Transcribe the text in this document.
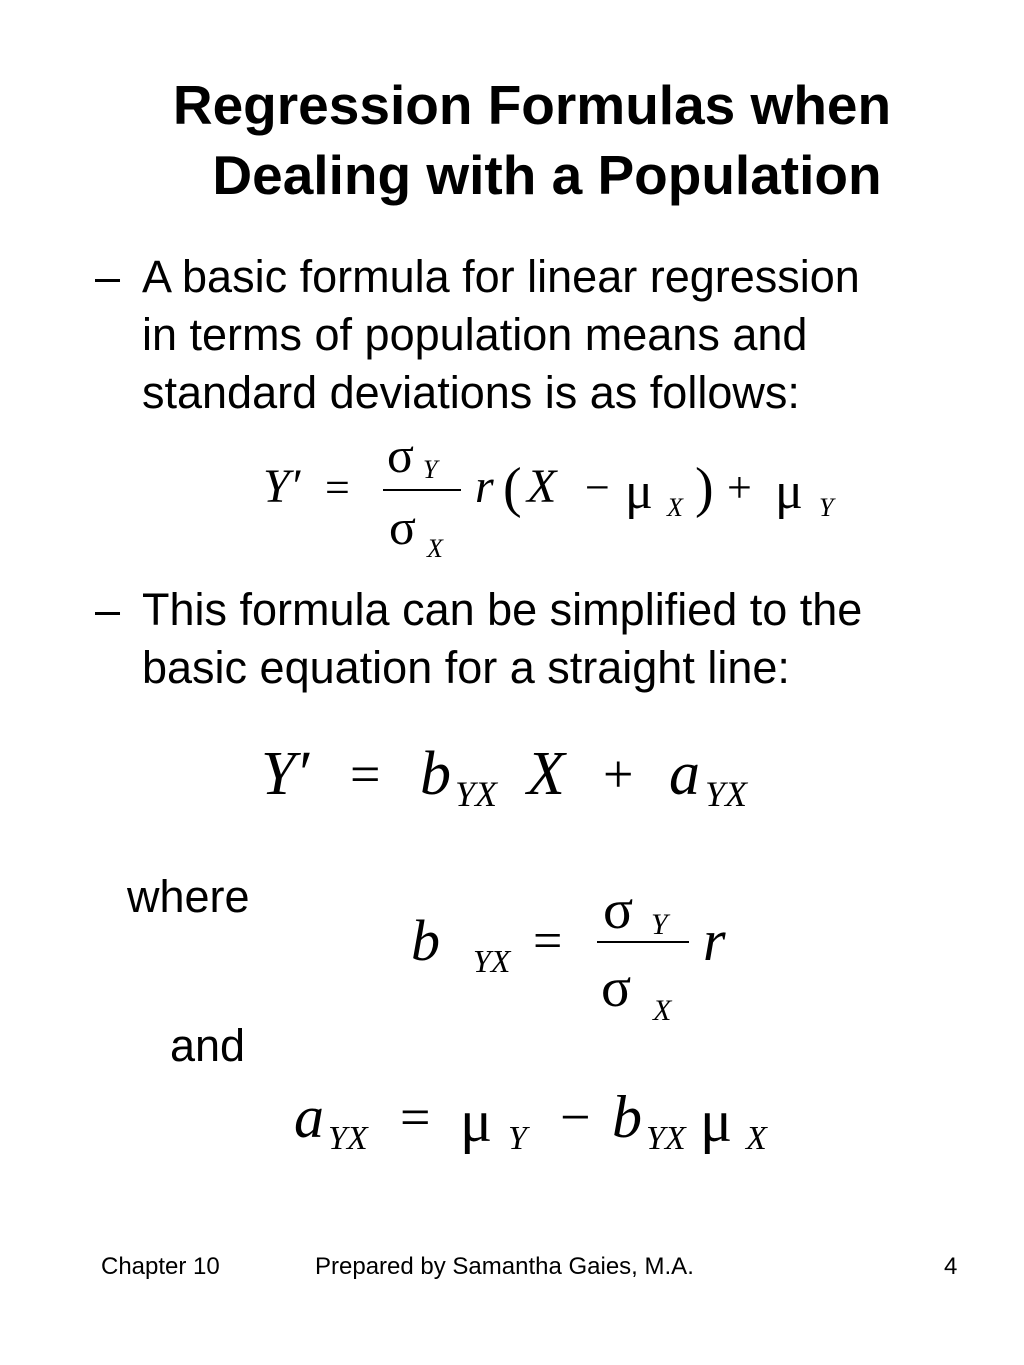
Regression Formulas when
Dealing with a Population
– A basic formula for linear regression
in terms of population means and
standard deviations is as follows:
Y′ =
σ Y
σ X
r ( X − μ X ) + μ Y
– This formula can be simplified to the
basic equation for a straight line:
Y′ = b YX X + a YX
where
b YX =
σ Y
σ X
r
and
a YX = μ Y − b YX μ X
Chapter 10	Prepared by Samantha Gaies, M.A.	4
